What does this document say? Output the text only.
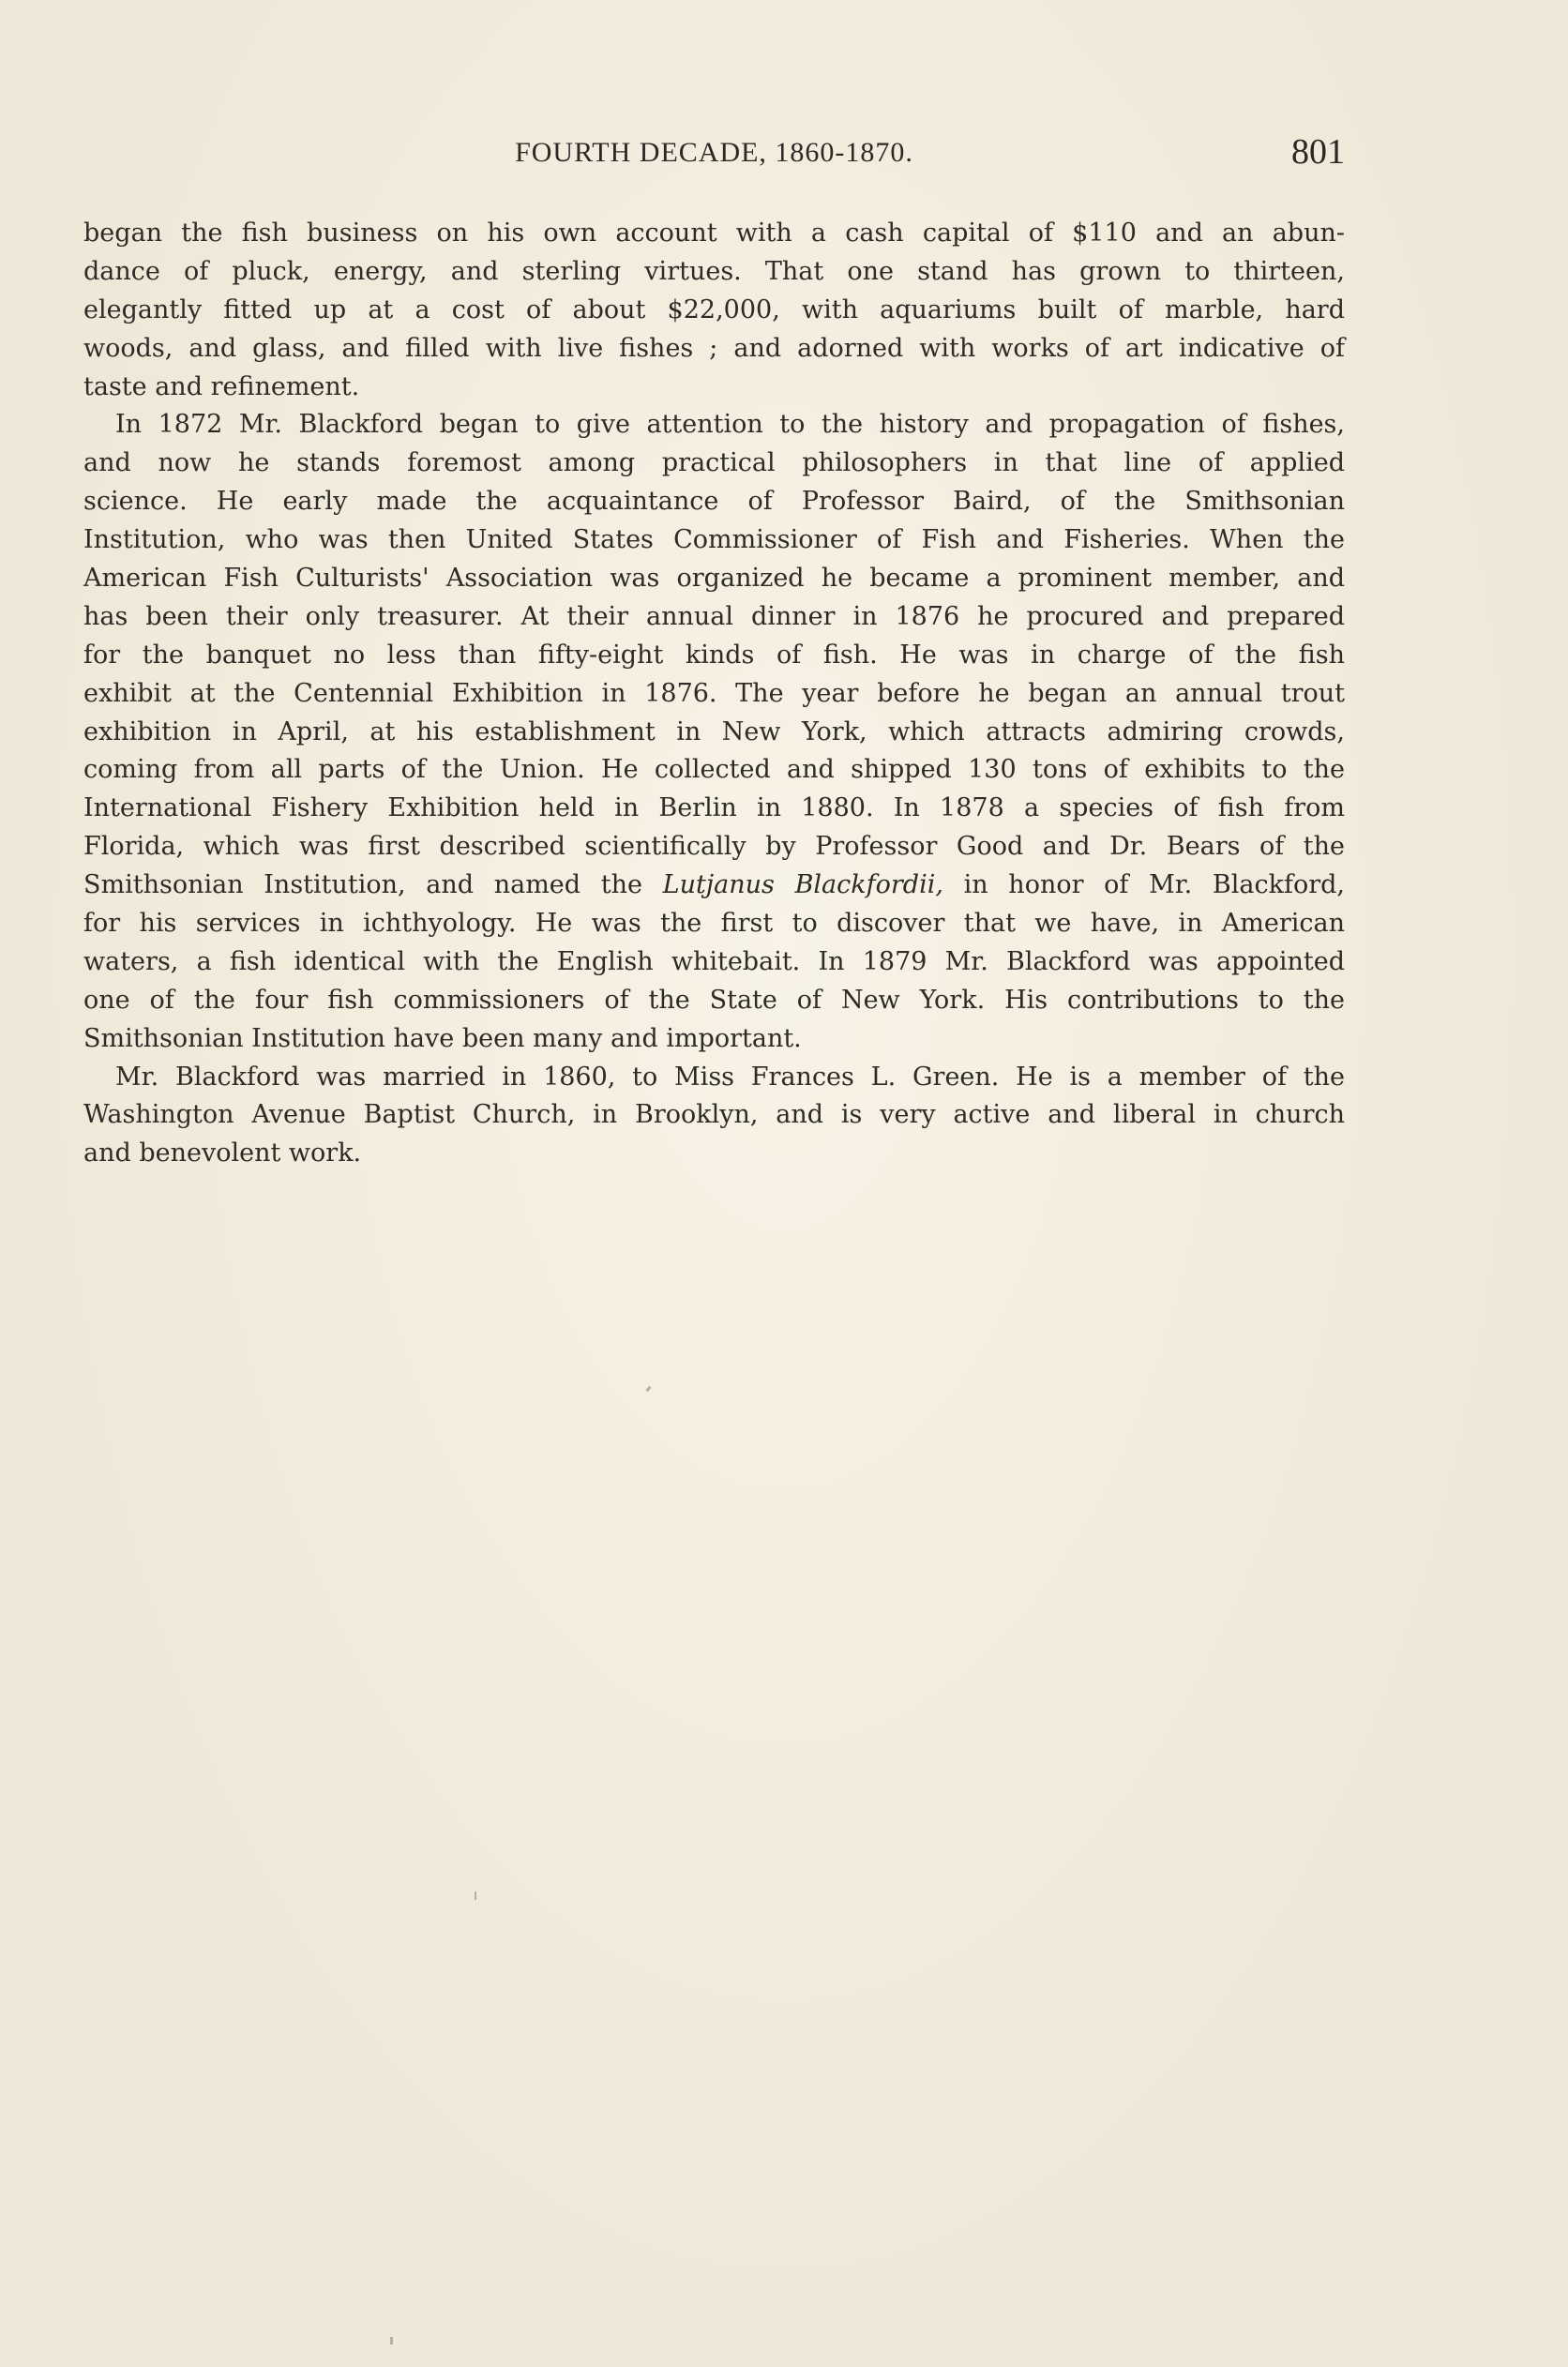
FOURTH DECADE, 1860-1870.	801
began the fish business on his own account with a cash capital of $110 and an abun-
dance of pluck, energy, and sterling virtues. That one stand has grown to thirteen,
elegantly fitted up at a cost of about $22,000, with aquariums built of marble, hard
woods, and glass, and filled with live fishes ; and adorned with works of art indicative of
taste and refinement.
In 1872 Mr. Blackford began to give attention to the history and propagation of fishes,
and now he stands foremost among practical philosophers in that line of applied
science. He early made the acquaintance of Professor Baird, of the Smithsonian
Institution, who was then United States Commissioner of Fish and Fisheries. When the
American Fish Culturists' Association was organized he became a prominent member, and
has been their only treasurer. At their annual dinner in 1876 he procured and prepared
for the banquet no less than fifty-eight kinds of fish. He was in charge of the fish
exhibit at the Centennial Exhibition in 1876. The year before he began an annual trout
exhibition in April, at his establishment in New York, which attracts admiring crowds,
coming from all parts of the Union. He collected and shipped 130 tons of exhibits to the
International Fishery Exhibition held in Berlin in 1880. In 1878 a species of fish from
Florida, which was first described scientifically by Professor Good and Dr. Bears of the
Smithsonian Institution, and named the Lutjanus Blackfordii, in honor of Mr. Blackford,
for his services in ichthyology. He was the first to discover that we have, in American
waters, a fish identical with the English whitebait. In 1879 Mr. Blackford was appointed
one of the four fish commissioners of the State of New York. His contributions to the
Smithsonian Institution have been many and important.
Mr. Blackford was married in 1860, to Miss Frances L. Green. He is a member of the
Washington Avenue Baptist Church, in Brooklyn, and is very active and liberal in church
and benevolent work.
